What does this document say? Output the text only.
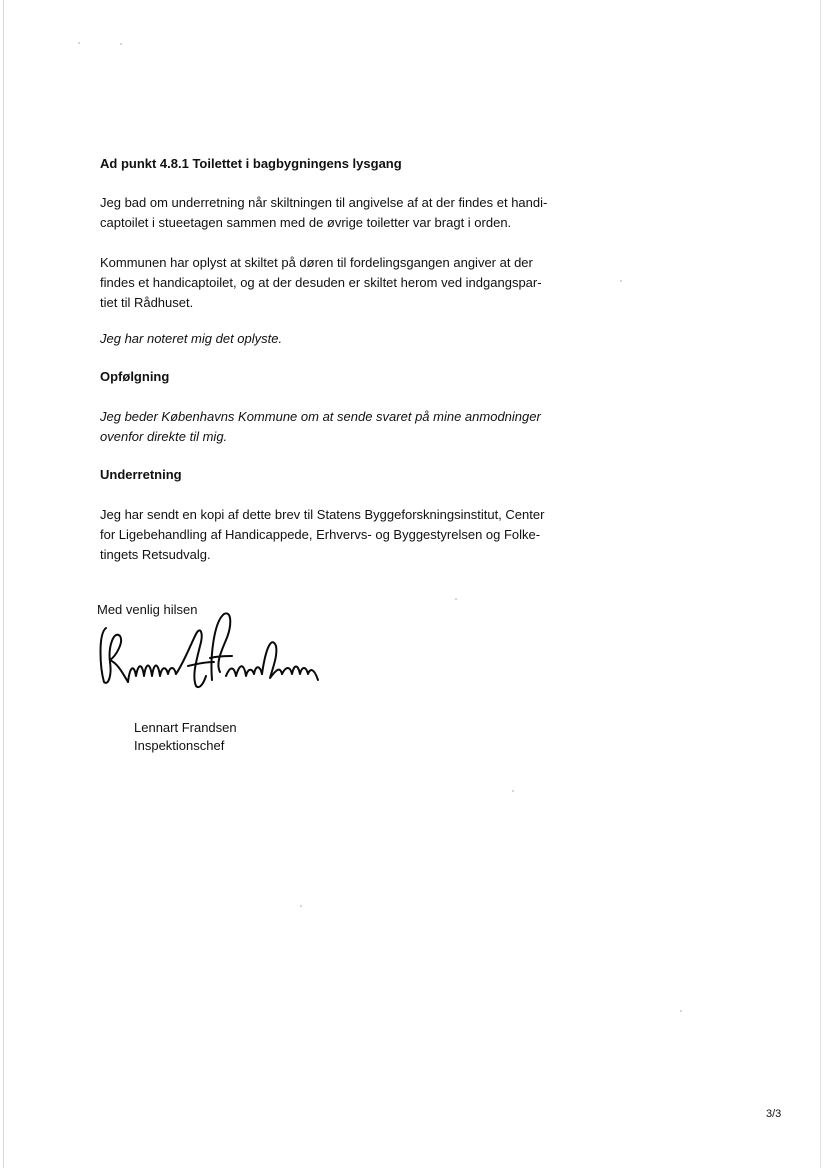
Ad punkt 4.8.1 Toilettet i bagbygningens lysgang

Jeg bad om underretning når skiltningen til angivelse af at der findes et handi-
captoilet i stueetagen sammen med de øvrige toiletter var bragt i orden.

Kommunen har oplyst at skiltet på døren til fordelingsgangen angiver at der
findes et handicaptoilet, og at der desuden er skiltet herom ved indgangspar-
tiet til Rådhuset.

Jeg har noteret mig det oplyste.

Opfølgning

Jeg beder Københavns Kommune om at sende svaret på mine anmodninger
ovenfor direkte til mig.

Underretning

Jeg har sendt en kopi af dette brev til Statens Byggeforskningsinstitut, Center
for Ligebehandling af Handicappede, Erhvervs- og Byggestyrelsen og Folke-
tingets Retsudvalg.

Med venlig hilsen
Lennart Frandsen
Inspektionschef
3/3
